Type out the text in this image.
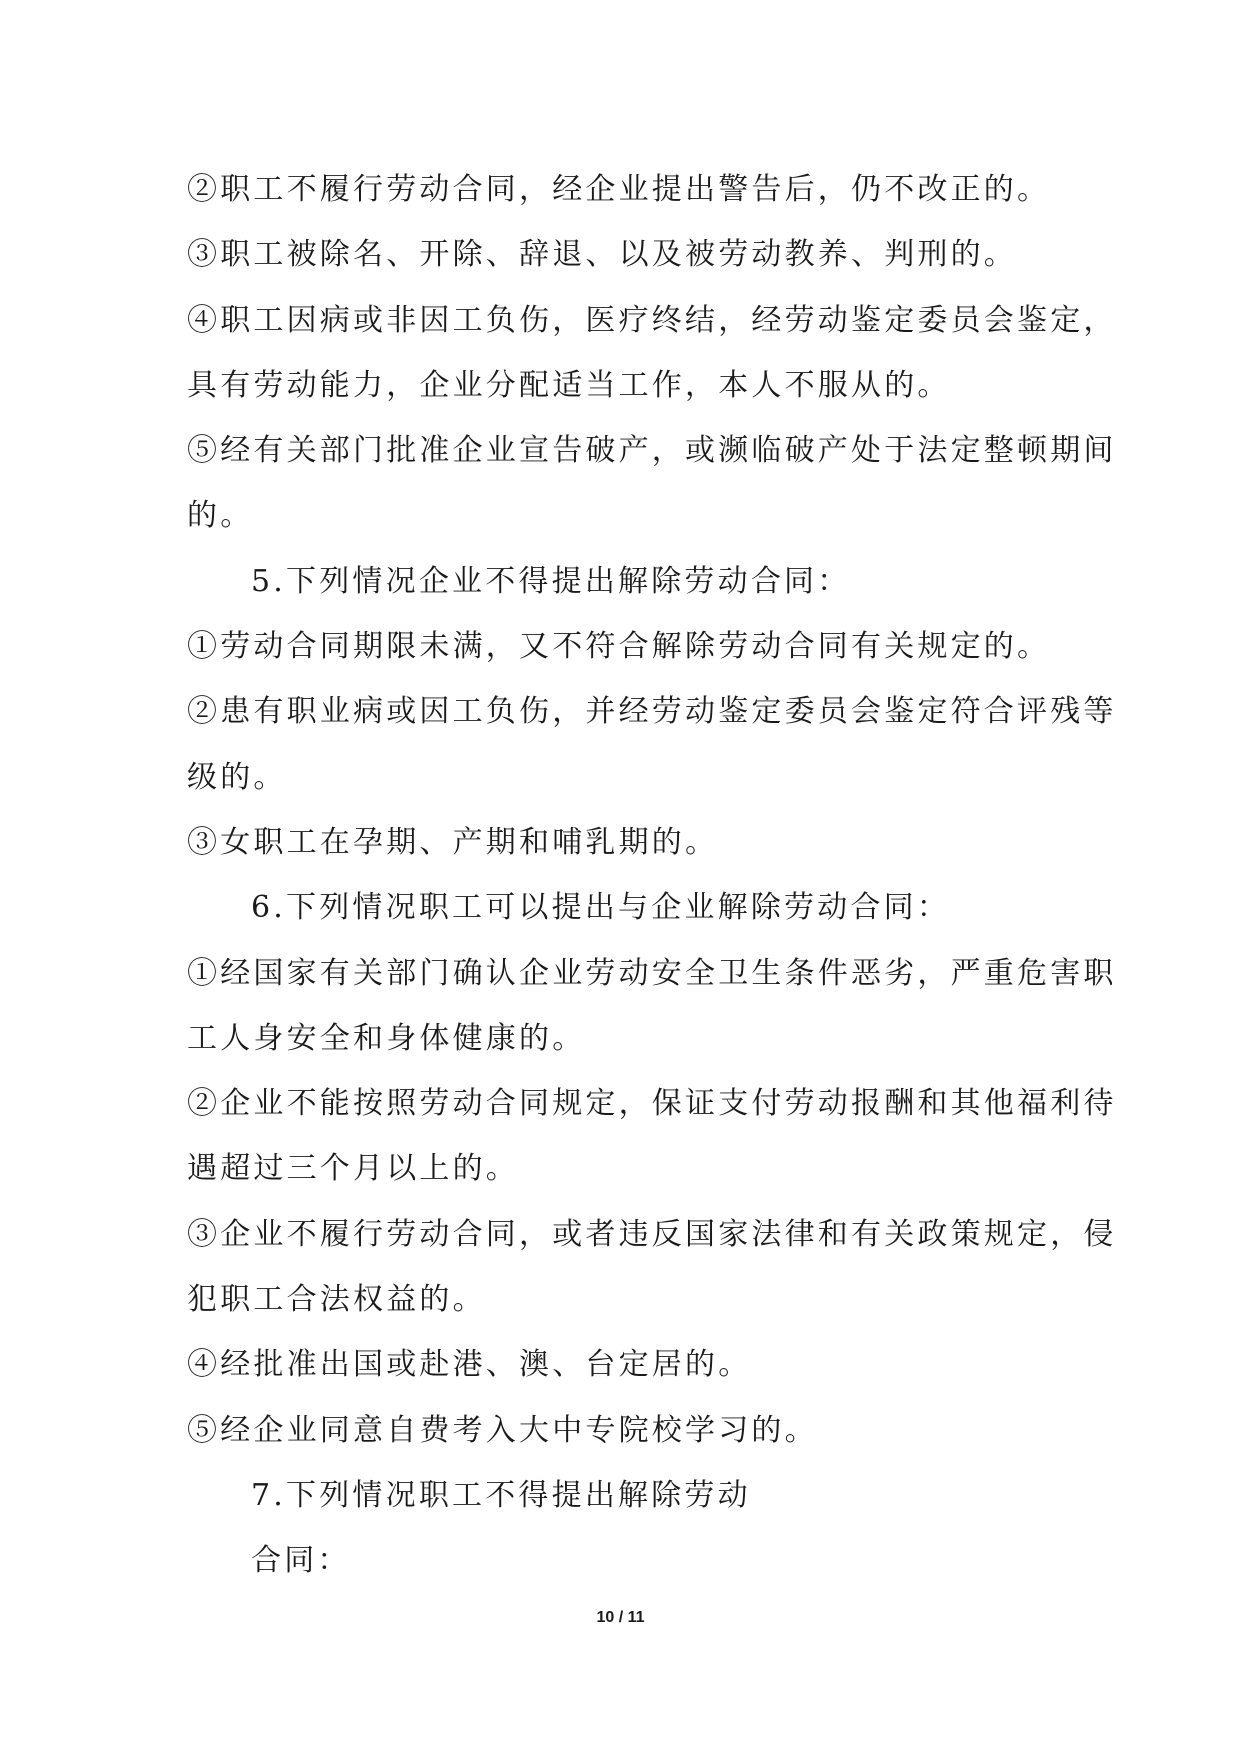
②职工不履行劳动合同，经企业提出警告后，仍不改正的。
③职工被除名、开除、辞退、以及被劳动教养、判刑的。
④职工因病或非因工负伤，医疗终结，经劳动鉴定委员会鉴定，
具有劳动能力，企业分配适当工作，本人不服从的。
⑤经有关部门批准企业宣告破产，或濒临破产处于法定整顿期间
的。
5.下列情况企业不得提出解除劳动合同：
①劳动合同期限未满，又不符合解除劳动合同有关规定的。
②患有职业病或因工负伤，并经劳动鉴定委员会鉴定符合评残等
级的。
③女职工在孕期、产期和哺乳期的。
6.下列情况职工可以提出与企业解除劳动合同：
①经国家有关部门确认企业劳动安全卫生条件恶劣，严重危害职
工人身安全和身体健康的。
②企业不能按照劳动合同规定，保证支付劳动报酬和其他福利待
遇超过三个月以上的。
③企业不履行劳动合同，或者违反国家法律和有关政策规定，侵
犯职工合法权益的。
④经批准出国或赴港、澳、台定居的。
⑤经企业同意自费考入大中专院校学习的。
7.下列情况职工不得提出解除劳动
合同：
10 / 11
